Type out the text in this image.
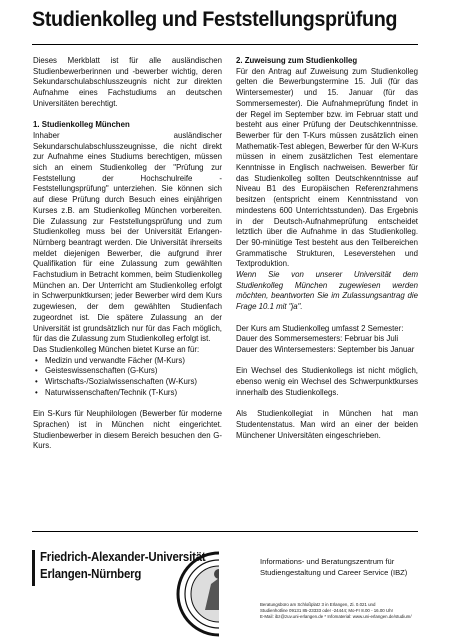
Studienkolleg und Feststellungsprüfung

Dieses Merkblatt ist für alle ausländischen Studienbewerberinnen und -bewerber wichtig, deren Sekundarschulabschlusszeugnis nicht zur direkten Aufnahme eines Fachstudiums an deutschen Universitäten berechtigt.

1. Studienkolleg München
Inhaber ausländischer Sekundarschulabschlusszeugnisse, die nicht direkt zur Aufnahme eines Studiums berechtigen, müssen sich an einem Studienkolleg der "Prüfung zur Feststellung der Hochschulreife - Feststellungsprüfung" unterziehen. Sie können sich auf diese Prüfung durch Besuch eines einjährigen Kurses z.B. am Studienkolleg München vorbereiten. Die Zulassung zur Feststellungsprüfung und zum Studienkolleg muss bei der Universität Erlangen-Nürnberg beantragt werden. Die Universität ihrerseits meldet diejenigen Bewerber, die aufgrund ihrer Qualifikation für eine Zulassung zum gewählten Fachstudium in Betracht kommen, beim Studienkolleg München an. Der Unterricht am Studienkolleg erfolgt in Schwerpunktkursen; jeder Bewerber wird dem Kurs zugewiesen, der dem gewählten Studienfach zugeordnet ist. Die spätere Zulassung an der Universität ist grundsätzlich nur für das Fach möglich, für das die Zulassung zum Studienkolleg erfolgt ist.

Das Studienkolleg München bietet Kurse an für:

• Medizin und verwandte Fächer (M-Kurs)
• Geisteswissenschaften (G-Kurs)
• Wirtschafts-/Sozialwissenschaften (W-Kurs)
• Naturwissenschaften/Technik (T-Kurs)

Ein S-Kurs für Neuphilologen (Bewerber für moderne Sprachen) ist in München nicht eingerichtet. Studienbewerber in diesem Bereich besuchen den G-Kurs.

2. Zuweisung zum Studienkolleg
Für den Antrag auf Zuweisung zum Studienkolleg gelten die Bewerbungstermine 15. Juli (für das Wintersemester) und 15. Januar (für das Sommersemester). Die Aufnahmeprüfung findet in der Regel im September bzw. im Februar statt und besteht aus einer Prüfung der Deutschkenntnisse. Bewerber für den T-Kurs müssen zusätzlich einen Mathematik-Test ablegen, Bewerber für den W-Kurs müssen in einem zusätzlichen Test elementare Kenntnisse in Englisch nachweisen. Bewerber für das Studienkolleg sollten Deutschkenntnisse auf Niveau B1 des Europäischen Referenzrahmens besitzen (entspricht einem Kenntnisstand von mindestens 600 Unterrichtsstunden). Das Ergebnis in der Deutsch-Aufnahmeprüfung entscheidet letztlich über die Aufnahme in das Studienkolleg. Der 90-minütige Test besteht aus den Teilbereichen Grammatische Strukturen, Leseverstehen und Textproduktion.

Wenn Sie von unserer Universität dem Studienkolleg München zugewiesen werden möchten, beantworten Sie im Zulassungsantrag die Frage 10.1 mit "ja".

Der Kurs am Studienkolleg umfasst 2 Semester:
Dauer des Sommersemesters: Februar bis Juli
Dauer des Wintersemesters: September bis Januar

Ein Wechsel des Studienkollegs ist nicht möglich, ebenso wenig ein Wechsel des Schwerpunktkurses innerhalb des Studienkollegs.

Als Studienkollegiat in München hat man Studentenstatus. Man wird an einer der beiden Münchener Universitäten eingeschrieben.

Friedrich-Alexander-Universität
Erlangen-Nürnberg
Informations- und Beratungszentrum für
Studiengestaltung und Career Service (IBZ)
Beratungsbüro am Schloßplatz 3 in Erlangen, Zi. 0.021 und
Studienhotline 09131 85-23333 oder -24444; Mo-Fr 8.00 - 16.00 Uhr
E-Mail: ibz@zuv.uni-erlangen.de * Infomaterial: www.uni-erlangen.de/studium/
